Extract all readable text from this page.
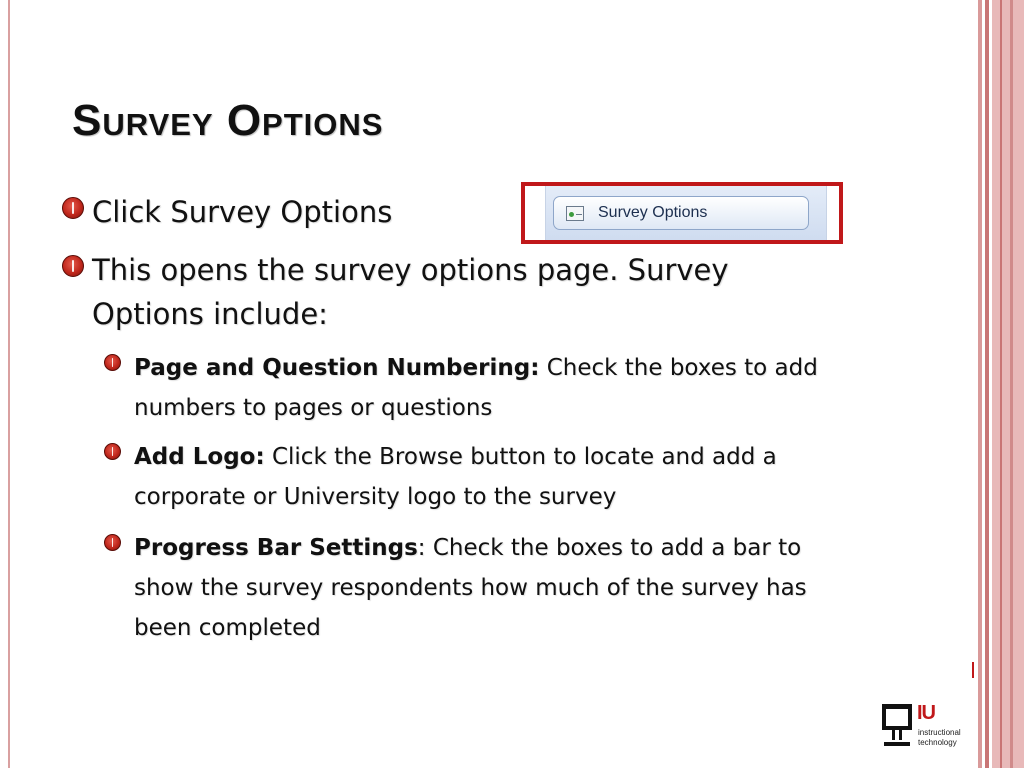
Survey Options
Click Survey Options	Survey Options
This opens the survey options page. Survey Options include:
Page and Question Numbering: Check the boxes to add numbers to pages or questions
Add Logo: Click the Browse button to locate and add a corporate or University logo to the survey
Progress Bar Settings: Check the boxes to add a bar to show the survey respondents how much of the survey has been completed
IU
instructional
technology
